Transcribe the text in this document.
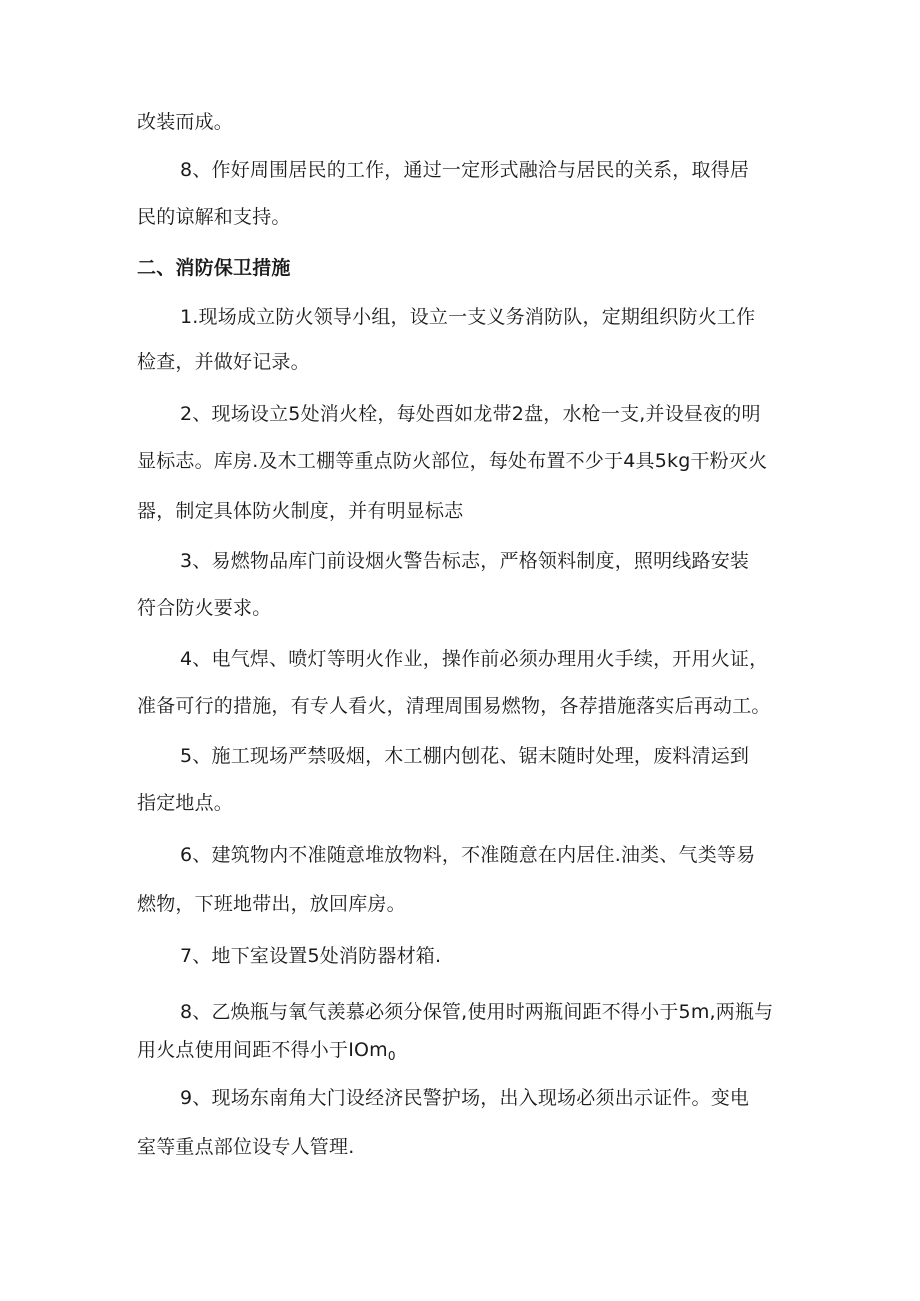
改装而成。
8、作好周围居民的工作，通过一定形式融洽与居民的关系，取得居
民的谅解和支持。
二、消防保卫措施
1.现场成立防火领导小组，设立一支义务消防队，定期组织防火工作
检查，并做好记录。
2、现场设立5处消火栓，每处酉如龙带2盘，水枪一支,并设昼夜的明
显标志。库房.及木工棚等重点防火部位，每处布置不少于4具5kg干粉灭火
器，制定具体防火制度，并有明显标志
3、易燃物品库门前设烟火警告标志，严格领料制度，照明线路安装
符合防火要求。
4、电气焊、喷灯等明火作业，操作前必须办理用火手续，开用火证，
准备可行的措施，有专人看火，清理周围易燃物，各荐措施落实后再动工。
5、施工现场严禁吸烟，木工棚内刨花、锯末随时处理，废料清运到
指定地点。
6、建筑物内不准随意堆放物料，不准随意在内居住.油类、气类等易
燃物，下班地带出，放回库房。
7、地下室设置5处消防器材箱.
8、乙焕瓶与氧气羡慕必须分保管,使用时两瓶间距不得小于5m,两瓶与
用火点使用间距不得小于IOm$_0$
9、现场东南角大门设经济民警护场，出入现场必须出示证件。变电
室等重点部位设专人管理.
